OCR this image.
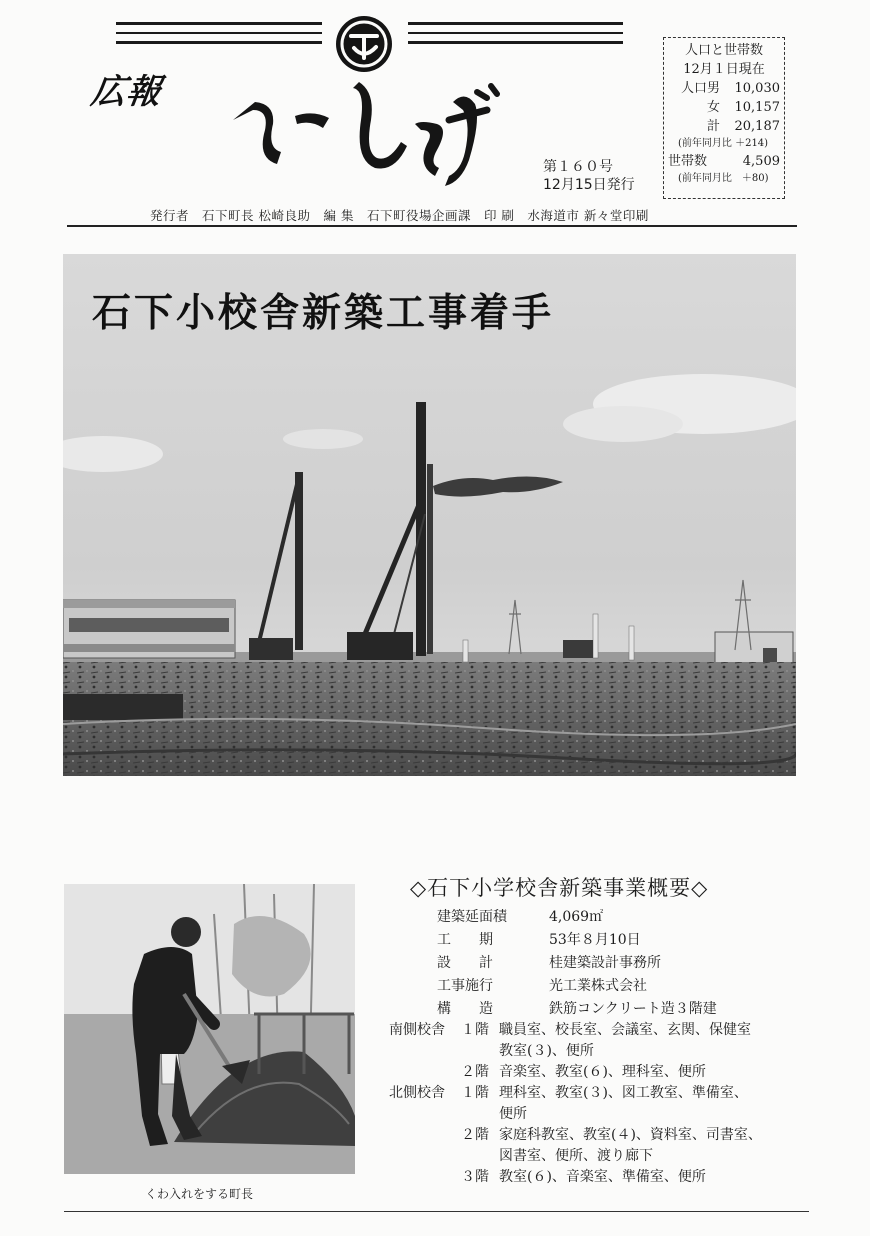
広報
第１６０号
12月15日発行
人口と世帯数
12月１日現在
人口男	10,030
女	10,157
計	20,187
(前年同月比 ＋214)
世帯数	4,509
(前年同月比　＋80)
発行者　石下町長 松崎良助　編 集　石下町役場企画課　印 刷　水海道市 新々堂印刷
石下小校舎新築工事着手
くわ入れをする町長
◇石下小学校舎新築事業概要◇
建築延面積	4,069㎡
工　　期	53年８月10日
設　　計	桂建築設計事務所
工事施行	光工業株式会社
構　　造	鉄筋コンクリート造３階建
南側校舎	１階 職員室、校長室、会議室、玄関、保健室
教室(３)、便所
２階 音楽室、教室(６)、理科室、便所
北側校舎	１階 理科室、教室(３)、図工教室、準備室、
便所
２階 家庭科教室、教室(４)、資料室、司書室、
図書室、便所、渡り廊下
３階 教室(６)、音楽室、準備室、便所
